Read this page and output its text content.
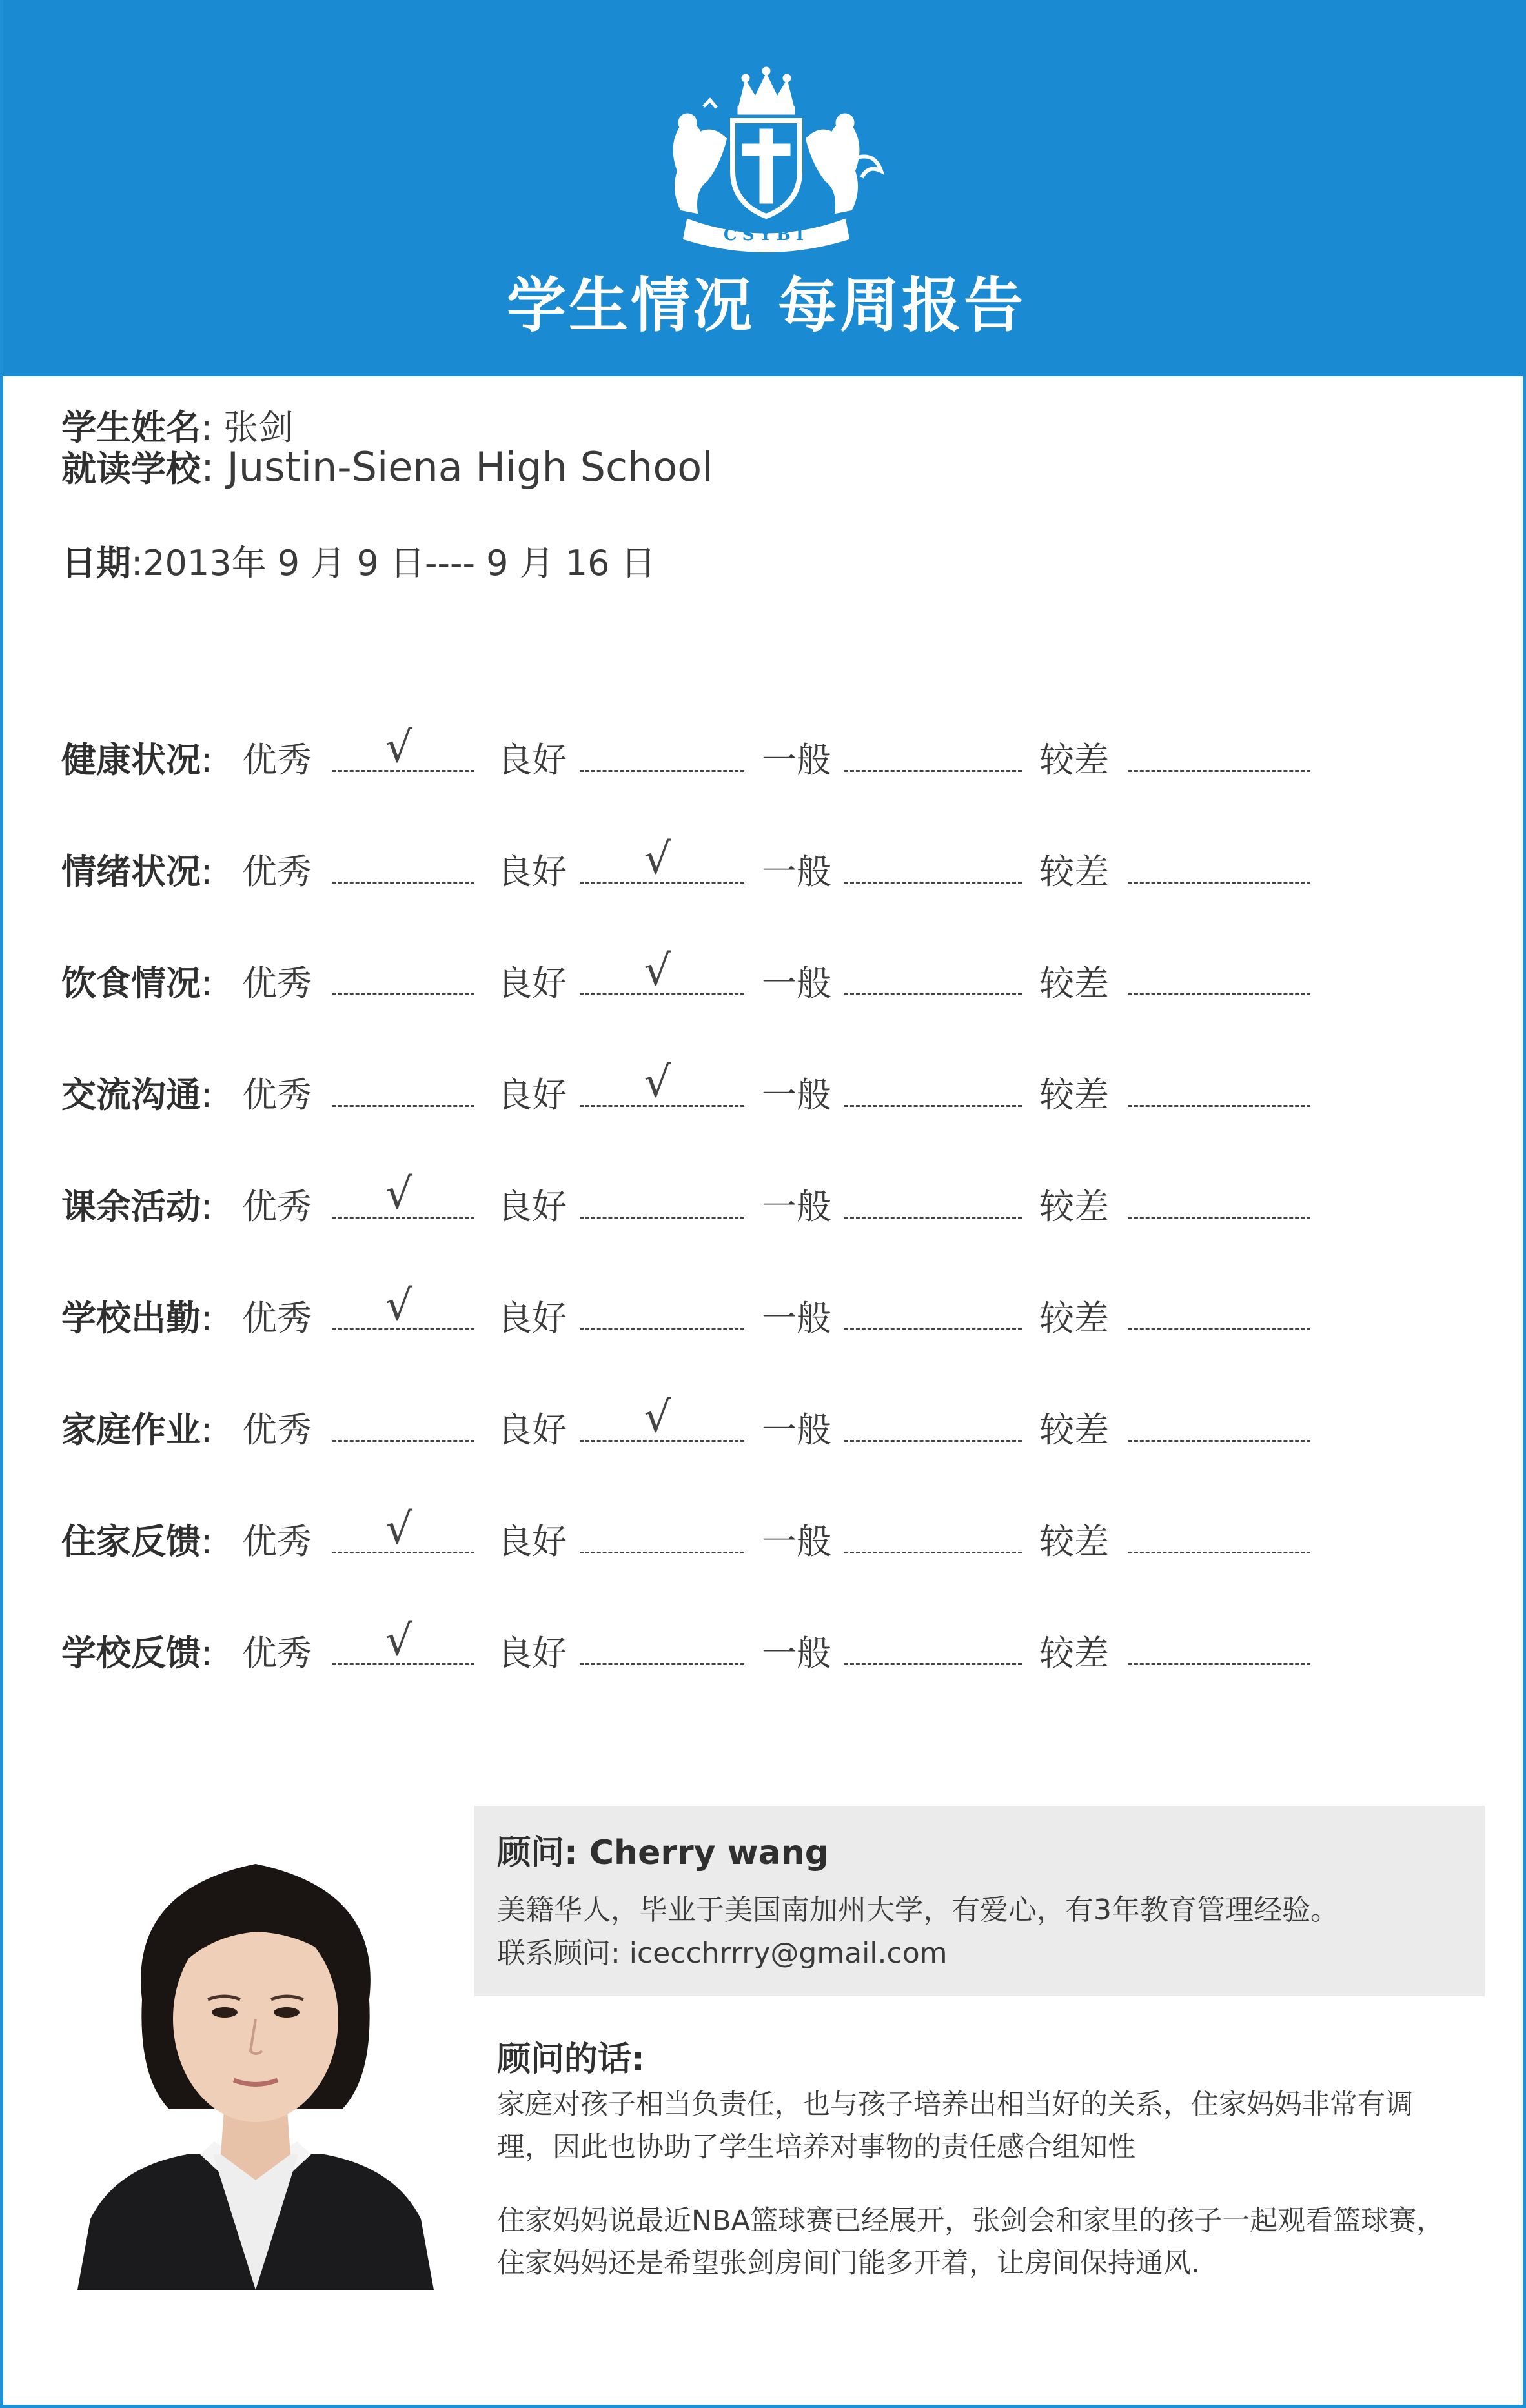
CSYBI
学生情况 每周报告
学生姓名: 张剑
就读学校: Justin-Siena High School
日期:2013年 9 月 9 日---- 9 月 16 日
健康状况: 优秀 √ 良好	一般	较差
情绪状况: 优秀	良好 √	一般	较差
饮食情况: 优秀	良好 √	一般	较差
交流沟通: 优秀	良好 √	一般	较差
课余活动: 优秀 √ 良好	一般	较差
学校出勤: 优秀 √ 良好	一般	较差
家庭作业: 优秀	良好 √	一般	较差
住家反馈: 优秀 √ 良好	一般	较差
学校反馈: 优秀 √ 良好	一般	较差
顾问: Cherry wang
美籍华人，毕业于美国南加州大学，有爱心，有3年教育管理经验。
联系顾问: icecchrrry@gmail.com
顾问的话:
家庭对孩子相当负责任，也与孩子培养出相当好的关系，住家妈妈非常有调理，因此也协助了学生培养对事物的责任感合组知性
住家妈妈说最近NBA篮球赛已经展开，张剑会和家里的孩子一起观看篮球赛，住家妈妈还是希望张剑房间门能多开着，让房间保持通风.
